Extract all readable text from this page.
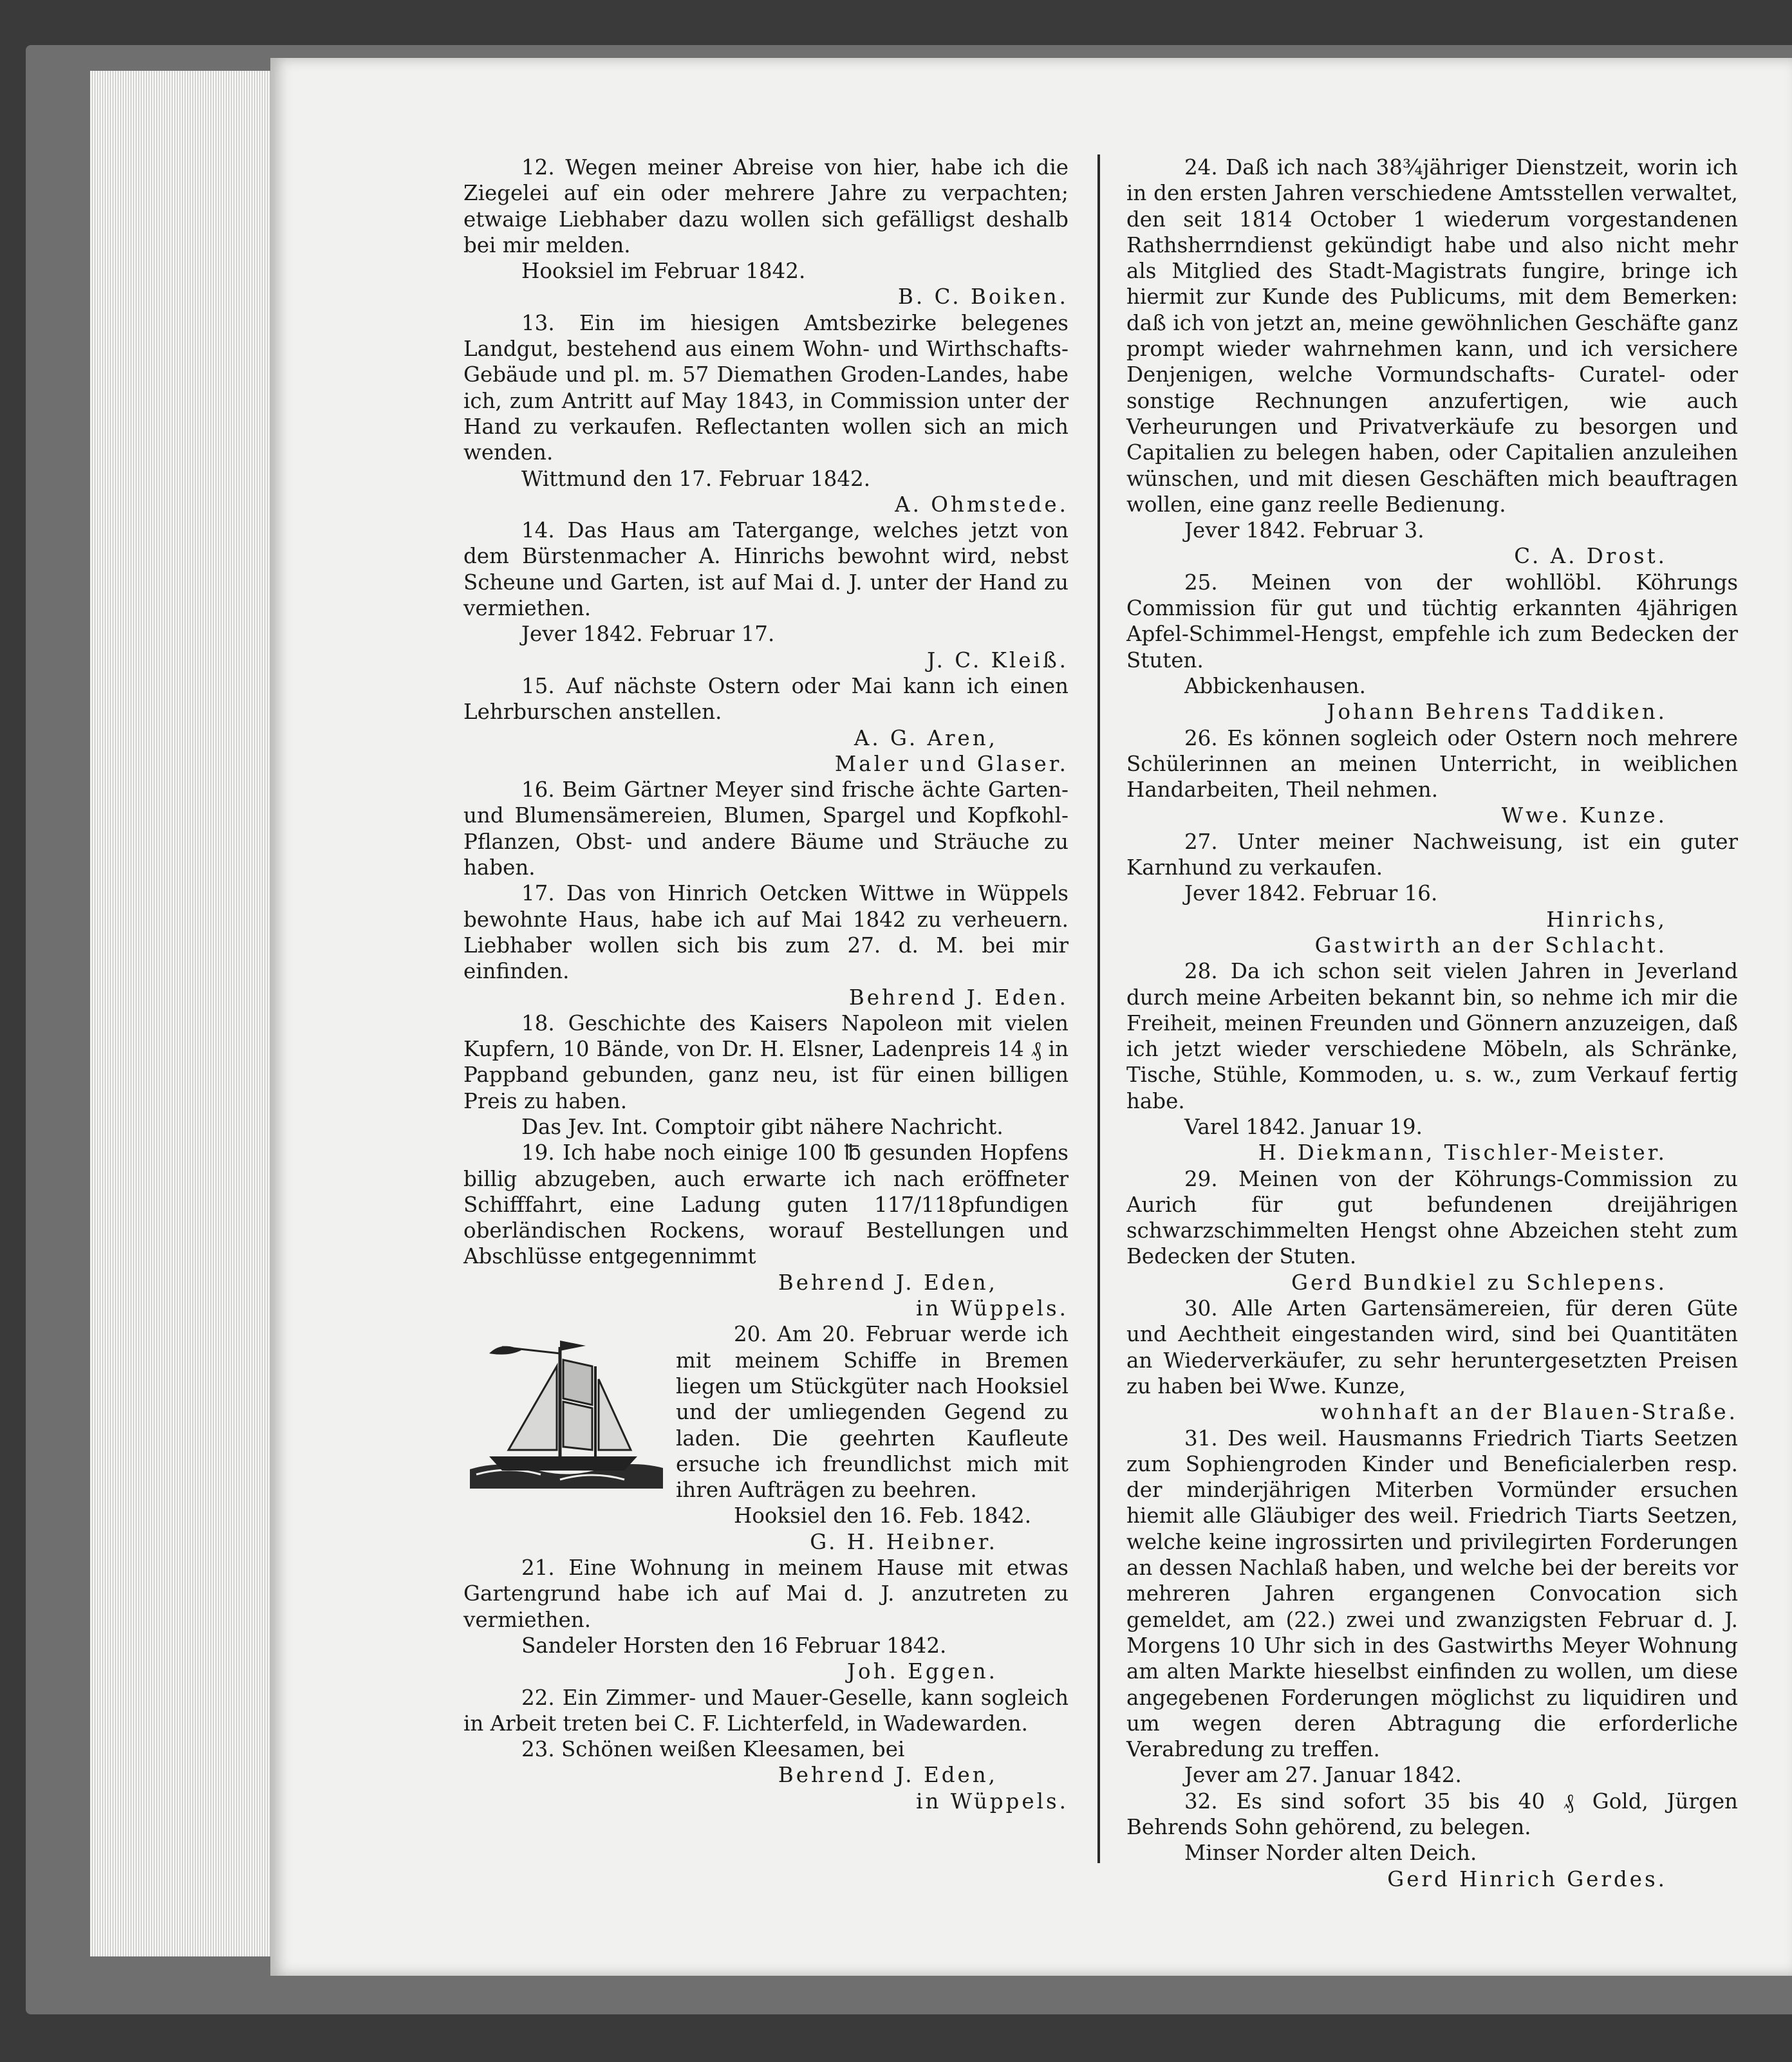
12. Wegen meiner Abreise von hier, habe ich die Ziegelei auf ein oder mehrere Jahre zu verpachten; etwaige Liebhaber dazu wollen sich gefälligst deshalb bei mir melden.

Hooksiel im Februar 1842.

B. C. Boiken.

13. Ein im hiesigen Amtsbezirke belegenes Landgut, bestehend aus einem Wohn- und Wirthschafts-Gebäude und pl. m. 57 Diemathen Groden-Landes, habe ich, zum Antritt auf May 1843, in Commission unter der Hand zu verkaufen. Reflectanten wollen sich an mich wenden.

Wittmund den 17. Februar 1842.

A. Ohmstede.

14. Das Haus am Tatergange, welches jetzt von dem Bürstenmacher A. Hinrichs bewohnt wird, nebst Scheune und Garten, ist auf Mai d. J. unter der Hand zu vermiethen.

Jever 1842. Februar 17.

J. C. Kleiß.

15. Auf nächste Ostern oder Mai kann ich einen Lehrburschen anstellen.

A. G. Aren,

Maler und Glaser.

16. Beim Gärtner Meyer sind frische ächte Garten- und Blumensämereien, Blumen, Spargel und Kopfkohl-Pflanzen, Obst- und andere Bäume und Sträuche zu haben.

17. Das von Hinrich Oetcken Wittwe in Wüppels bewohnte Haus, habe ich auf Mai 1842 zu verheuern. Liebhaber wollen sich bis zum 27. d. M. bei mir einfinden.

Behrend J. Eden.

18. Geschichte des Kaisers Napoleon mit vielen Kupfern, 10 Bände, von Dr. H. Elsner, Ladenpreis 14 ₰ in Pappband gebunden, ganz neu, ist für einen billigen Preis zu haben.

Das Jev. Int. Comptoir gibt nähere Nachricht.

19. Ich habe noch einige 100 ℔ gesunden Hopfens billig abzugeben, auch erwarte ich nach eröffneter Schifffahrt, eine Ladung guten 117/118pfundigen oberländischen Rockens, worauf Bestellungen und Abschlüsse entgegennimmt

Behrend J. Eden,

in Wüppels.

20. Am 20. Februar werde ich mit meinem Schiffe in Bremen liegen um Stückgüter nach Hooksiel und der umliegenden Gegend zu laden. Die geehrten Kaufleute ersuche ich freundlichst mich mit ihren Aufträgen zu beehren.

Hooksiel den 16. Feb. 1842.

G. H. Heibner.

21. Eine Wohnung in meinem Hause mit etwas Gartengrund habe ich auf Mai d. J. anzutreten zu vermiethen.

Sandeler Horsten den 16 Februar 1842.

Joh. Eggen.

22. Ein Zimmer- und Mauer-Geselle, kann sogleich in Arbeit treten bei C. F. Lichterfeld, in Wadewarden.

23. Schönen weißen Kleesamen, bei

Behrend J. Eden,

in Wüppels.

24. Daß ich nach 38¾jähriger Dienstzeit, worin ich in den ersten Jahren verschiedene Amtsstellen verwaltet, den seit 1814 October 1 wiederum vorgestandenen Rathsherrndienst gekündigt habe und also nicht mehr als Mitglied des Stadt-Magistrats fungire, bringe ich hiermit zur Kunde des Publicums, mit dem Bemerken: daß ich von jetzt an, meine gewöhnlichen Geschäfte ganz prompt wieder wahrnehmen kann, und ich versichere Denjenigen, welche Vormundschafts- Curatel- oder sonstige Rechnungen anzufertigen, wie auch Verheurungen und Privatverkäufe zu besorgen und Capitalien zu belegen haben, oder Capitalien anzuleihen wünschen, und mit diesen Geschäften mich beauftragen wollen, eine ganz reelle Bedienung.

Jever 1842. Februar 3.

C. A. Drost.

25. Meinen von der wohllöbl. Köhrungs Commission für gut und tüchtig erkannten 4jährigen Apfel-Schimmel-Hengst, empfehle ich zum Bedecken der Stuten.

Abbickenhausen.

Johann Behrens Taddiken.

26. Es können sogleich oder Ostern noch mehrere Schülerinnen an meinen Unterricht, in weiblichen Handarbeiten, Theil nehmen.

Wwe. Kunze.

27. Unter meiner Nachweisung, ist ein guter Karnhund zu verkaufen.

Jever 1842. Februar 16.

Hinrichs,

Gastwirth an der Schlacht.

28. Da ich schon seit vielen Jahren in Jeverland durch meine Arbeiten bekannt bin, so nehme ich mir die Freiheit, meinen Freunden und Gönnern anzuzeigen, daß ich jetzt wieder verschiedene Möbeln, als Schränke, Tische, Stühle, Kommoden, u. s. w., zum Verkauf fertig habe.

Varel 1842. Januar 19.

H. Diekmann, Tischler-Meister.

29. Meinen von der Köhrungs-Commission zu Aurich für gut befundenen dreijährigen schwarzschimmelten Hengst ohne Abzeichen steht zum Bedecken der Stuten.

Gerd Bundkiel zu Schlepens.

30. Alle Arten Gartensämereien, für deren Güte und Aechtheit eingestanden wird, sind bei Quantitäten an Wiederverkäufer, zu sehr heruntergesetzten Preisen zu haben bei Wwe. Kunze,

wohnhaft an der Blauen-Straße.

31. Des weil. Hausmanns Friedrich Tiarts Seetzen zum Sophiengroden Kinder und Beneficialerben resp. der minderjährigen Miterben Vormünder ersuchen hiemit alle Gläubiger des weil. Friedrich Tiarts Seetzen, welche keine ingrossirten und privilegirten Forderungen an dessen Nachlaß haben, und welche bei der bereits vor mehreren Jahren ergangenen Convocation sich gemeldet, am (22.) zwei und zwanzigsten Februar d. J. Morgens 10 Uhr sich in des Gastwirths Meyer Wohnung am alten Markte hieselbst einfinden zu wollen, um diese angegebenen Forderungen möglichst zu liquidiren und um wegen deren Abtragung die erforderliche Verabredung zu treffen.

Jever am 27. Januar 1842.

32. Es sind sofort 35 bis 40 ₰ Gold, Jürgen Behrends Sohn gehörend, zu belegen.

Minser Norder alten Deich.

Gerd Hinrich Gerdes.
